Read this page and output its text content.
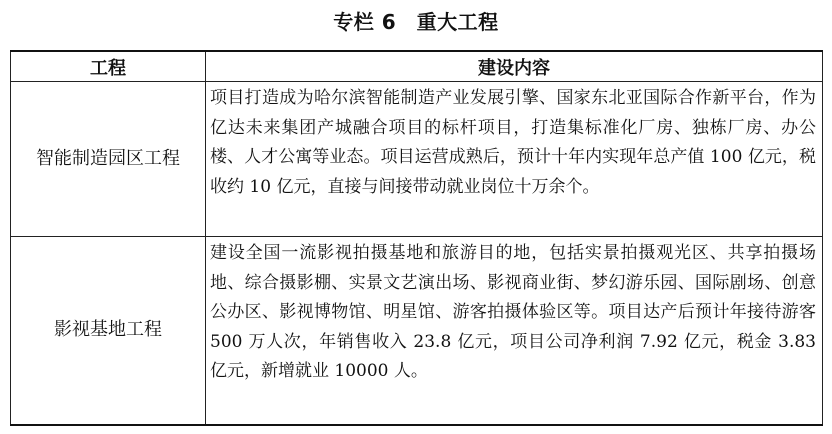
专栏 6　重大工程
工程	建设内容
智能制造园区工程	项目打造成为哈尔滨智能制造产业发展引擎、国家东北亚国际合作新平台，作为亿达未来集团产城融合项目的标杆项目，打造集标准化厂房、独栋厂房、办公楼、人才公寓等业态。项目运营成熟后，预计十年内实现年总产值 100 亿元，税收约 10 亿元，直接与间接带动就业岗位十万余个。
影视基地工程	建设全国一流影视拍摄基地和旅游目的地，包括实景拍摄观光区、共享拍摄场地、综合摄影棚、实景文艺演出场、影视商业街、梦幻游乐园、国际剧场、创意公办区、影视博物馆、明星馆、游客拍摄体验区等。项目达产后预计年接待游客 500 万人次，年销售收入 23.8 亿元，项目公司净利润 7.92 亿元，税金 3.83 亿元，新增就业 10000 人。
